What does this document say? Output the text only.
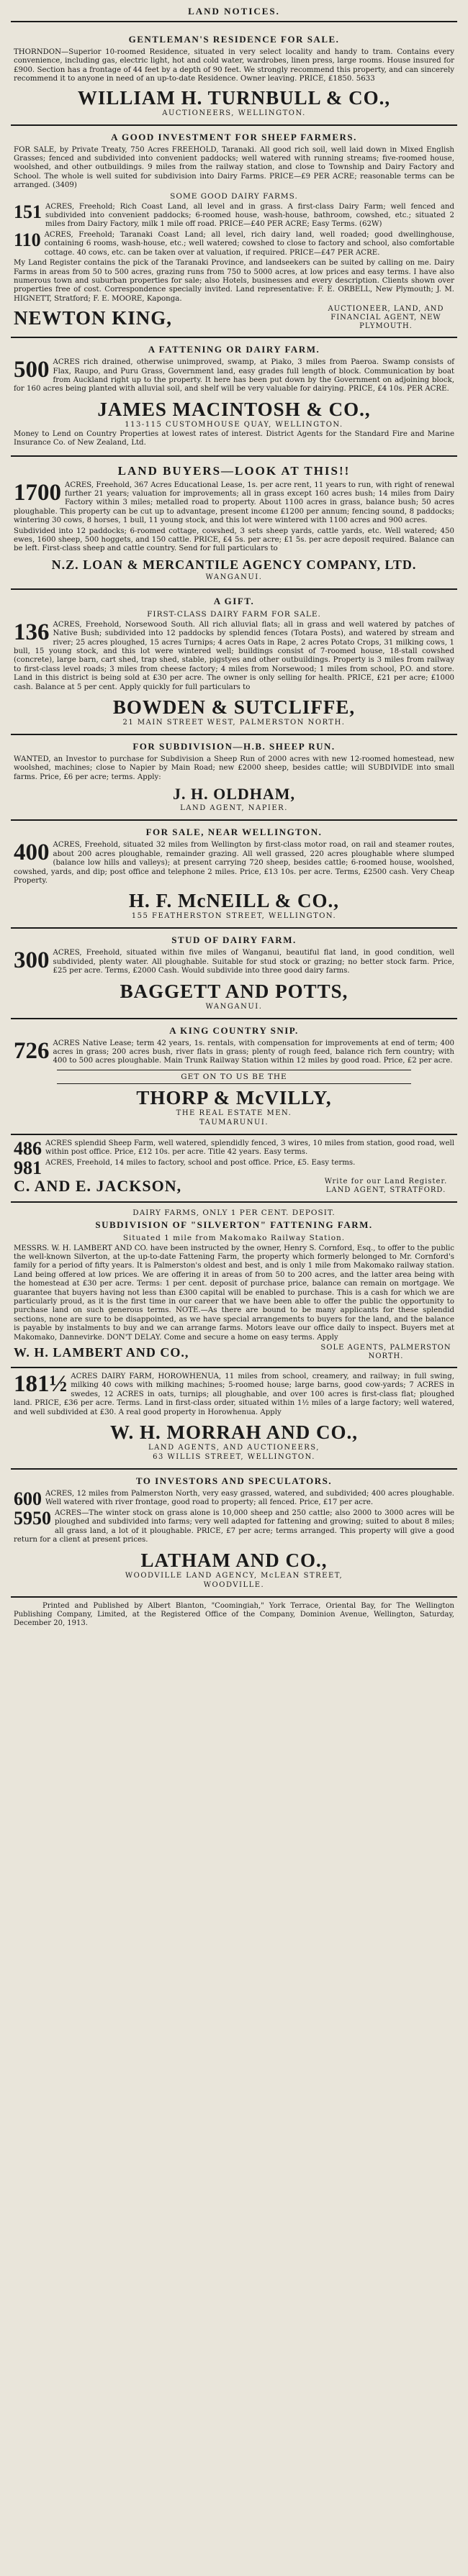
LAND NOTICES.
GENTLEMAN'S RESIDENCE FOR SALE.

THORNDON—Superior 10-roomed Residence, situated in very select locality and handy to tram. Contains every convenience, including gas, electric light, hot and cold water, wardrobes, linen press, large rooms. House insured for £900. Section has a frontage of 44 feet by a depth of 90 feet. We strongly recommend this property, and can sincerely recommend it to anyone in need of an up-to-date Residence. Owner leaving. PRICE, £1850. 5633

WILLIAM H. TURNBULL & CO.,
AUCTIONEERS, WELLINGTON.
A GOOD INVESTMENT FOR SHEEP FARMERS.

FOR SALE, by Private Treaty, 750 Acres FREEHOLD, Taranaki. All good rich soil, well laid down in Mixed English Grasses; fenced and subdivided into convenient paddocks; well watered with running streams; five-roomed house, woolshed, and other outbuildings. 9 miles from the railway station, and close to Township and Dairy Factory and School. The whole is well suited for subdivision into Dairy Farms. PRICE—£9 PER ACRE; reasonable terms can be arranged. (3409)

SOME GOOD DAIRY FARMS.
151 ACRES, Freehold; Rich Coast Land, all level and in grass. A first-class Dairy Farm; well fenced and subdivided into convenient paddocks; 6-roomed house, wash-house, bathroom, cowshed, etc.; situated 2 miles from Dairy Factory, milk 1 mile off road. PRICE—£40 PER ACRE; Easy Terms. (62W)

110 ACRES, Freehold; Taranaki Coast Land; all level, rich dairy land, well roaded; good dwellinghouse, containing 6 rooms, wash-house, etc.; well watered; cowshed to close to factory and school, also comfortable cottage. 40 cows, etc. can be taken over at valuation, if required. PRICE—£47 PER ACRE.

My Land Register contains the pick of the Taranaki Province, and landseekers can be suited by calling on me. Dairy Farms in areas from 50 to 500 acres, grazing runs from 750 to 5000 acres, at low prices and easy terms. I have also numerous town and suburban properties for sale; also Hotels, businesses and every description. Clients shown over properties free of cost. Correspondence specially invited. Land representative: F. E. ORBELL, New Plymouth; J. M. HIGNETT, Stratford; F. E. MOORE, Kaponga.

NEWTON KING,	AUCTIONEER, LAND, AND FINANCIAL AGENT, NEW PLYMOUTH.
A FATTENING OR DAIRY FARM.
500 ACRES rich drained, otherwise unimproved, swamp, at Piako, 3 miles from Paeroa. Swamp consists of Flax, Raupo, and Puru Grass, Government land, easy grades full length of block. Communication by boat from Auckland right up to the property. It here has been put down by the Government on adjoining block, for 160 acres being planted with alluvial soil, and shelf will be very valuable for dairying. PRICE, £4 10s. PER ACRE.

JAMES MACINTOSH & CO.,
113-115 CUSTOMHOUSE QUAY, WELLINGTON.

Money to Lend on Country Properties at lowest rates of interest. District Agents for the Standard Fire and Marine Insurance Co. of New Zealand, Ltd.

LAND BUYERS—LOOK AT THIS!!
1700 ACRES, Freehold, 367 Acres Educational Lease, 1s. per acre rent, 11 years to run, with right of renewal further 21 years; valuation for improvements; all in grass except 160 acres bush; 14 miles from Dairy Factory within 3 miles; metalled road to property. About 1100 acres in grass, balance bush; 50 acres ploughable. This property can be cut up to advantage, present income £1200 per annum; fencing sound, 8 paddocks; wintering 30 cows, 8 horses, 1 bull, 11 young stock, and this lot were wintered with 1100 acres and 900 acres.

Subdivided into 12 paddocks; 6-roomed cottage, cowshed, 3 sets sheep yards, cattle yards, etc. Well watered; 450 ewes, 1600 sheep, 500 hoggets, and 150 cattle. PRICE, £4 5s. per acre; £1 5s. per acre deposit required. Balance can be left. First-class sheep and cattle country. Send for full particulars to

N.Z. LOAN & MERCANTILE AGENCY COMPANY, LTD.
WANGANUI.
A GIFT.
FIRST-CLASS DAIRY FARM FOR SALE.
136 ACRES, Freehold, Norsewood South. All rich alluvial flats; all in grass and well watered by patches of Native Bush; subdivided into 12 paddocks by splendid fences (Totara Posts), and watered by stream and river; 25 acres ploughed, 15 acres Turnips; 4 acres Oats in Rape, 2 acres Potato Crops, 31 milking cows, 1 bull, 15 young stock, and this lot were wintered well; buildings consist of 7-roomed house, 18-stall cowshed (concrete), large barn, cart shed, trap shed, stable, pigstyes and other outbuildings. Property is 3 miles from railway to first-class level roads; 3 miles from cheese factory; 4 miles from Norsewood; 1 miles from school, P.O. and store. Land in this district is being sold at £30 per acre. The owner is only selling for health. PRICE, £21 per acre; £1000 cash. Balance at 5 per cent. Apply quickly for full particulars to

BOWDEN & SUTCLIFFE,
21 MAIN STREET WEST, PALMERSTON NORTH.
FOR SUBDIVISION—H.B. SHEEP RUN.

WANTED, an Investor to purchase for Subdivision a Sheep Run of 2000 acres with new 12-roomed homestead, new woolshed, machines; close to Napier by Main Road; new £2000 sheep, besides cattle; will SUBDIVIDE into small farms. Price, £6 per acre; terms. Apply:

J. H. OLDHAM,
LAND AGENT, NAPIER.
FOR SALE, NEAR WELLINGTON.
400 ACRES, Freehold, situated 32 miles from Wellington by first-class motor road, on rail and steamer routes, about 200 acres ploughable, remainder grazing. All well grassed, 220 acres ploughable where slumped (balance low hills and valleys); at present carrying 720 sheep, besides cattle; 6-roomed house, woolshed, cowshed, yards, and dip; post office and telephone 2 miles. Price, £13 10s. per acre. Terms, £2500 cash. Very Cheap Property.

H. F. McNEILL & CO.,
155 FEATHERSTON STREET, WELLINGTON.
STUD OF DAIRY FARM.
300 ACRES, Freehold, situated within five miles of Wanganui, beautiful flat land, in good condition, well subdivided, plenty water. All ploughable. Suitable for stud stock or grazing; no better stock farm. Price, £25 per acre. Terms, £2000 Cash. Would subdivide into three good dairy farms.

BAGGETT AND POTTS,
WANGANUI.
A KING COUNTRY SNIP.
726 ACRES Native Lease; term 42 years, 1s. rentals, with compensation for improvements at end of term; 400 acres in grass; 200 acres bush, river flats in grass; plenty of rough feed, balance rich fern country; with 400 to 500 acres ploughable. Main Trunk Railway Station within 12 miles by good road. Price, £2 per acre.

GET ON TO US BE THE
THORP & McVILLY,
THE REAL ESTATE MEN.
TAUMARUNUI.
486 ACRES splendid Sheep Farm, well watered, splendidly fenced, 3 wires, 10 miles from station, good road, well within post office. Price, £12 10s. per acre. Title 42 years. Easy terms.

981 ACRES, Freehold, 14 miles to factory, school and post office. Price, £5. Easy terms.

C. AND E. JACKSON,	Write for our Land Register. LAND AGENT, STRATFORD.
DAIRY FARMS, ONLY 1 PER CENT. DEPOSIT.
SUBDIVISION OF "SILVERTON" FATTENING FARM.
Situated 1 mile from Makomako Railway Station.

MESSRS. W. H. LAMBERT AND CO. have been instructed by the owner, Henry S. Cornford, Esq., to offer to the public the well-known Silverton, at the up-to-date Fattening Farm, the property which formerly belonged to Mr. Cornford's family for a period of fifty years. It is Palmerston's oldest and best, and is only 1 mile from Makomako railway station. Land being offered at low prices. We are offering it in areas of from 50 to 200 acres, and the latter area being with the homestead at £30 per acre. Terms: 1 per cent. deposit of purchase price, balance can remain on mortgage. We guarantee that buyers having not less than £300 capital will be enabled to purchase. This is a cash for which we are particularly proud, as it is the first time in our career that we have been able to offer the public the opportunity to purchase land on such generous terms. NOTE.—As there are bound to be many applicants for these splendid sections, none are sure to be disappointed, as we have special arrangements to buyers for the land, and the balance is payable by instalments to buy and we can arrange farms. Motors leave our office daily to inspect. Buyers met at Makomako, Dannevirke. DON'T DELAY. Come and secure a home on easy terms. Apply

W. H. LAMBERT AND CO.,	SOLE AGENTS, PALMERSTON NORTH.
181½ ACRES DAIRY FARM, HOROWHENUA, 11 miles from school, creamery, and railway; in full swing, milking 40 cows with milking machines; 5-roomed house; large barns, good cow-yards; 7 ACRES in swedes, 12 ACRES in oats, turnips; all ploughable, and over 100 acres is first-class flat; ploughed land. PRICE, £36 per acre. Terms. Land in first-class order, situated within 1½ miles of a large factory; well watered, and well subdivided at £30. A real good property in Horowhenua. Apply

W. H. MORRAH AND CO.,
LAND AGENTS, AND AUCTIONEERS,
63 WILLIS STREET, WELLINGTON.
TO INVESTORS AND SPECULATORS.
600 ACRES, 12 miles from Palmerston North, very easy grassed, watered, and subdivided; 400 acres ploughable. Well watered with river frontage, good road to property; all fenced. Price, £17 per acre.

5950 ACRES—The winter stock on grass alone is 10,000 sheep and 250 cattle; also 2000 to 3000 acres will be ploughed and subdivided into farms; very well adapted for fattening and growing; suited to about 8 miles; all grass land, a lot of it ploughable. PRICE, £7 per acre; terms arranged. This property will give a good return for a client at present prices.

LATHAM AND CO.,
WOODVILLE LAND AGENCY, McLEAN STREET,
WOODVILLE.

Printed and Published by Albert Blanton, "Coomingiah," York Terrace, Oriental Bay, for The Wellington Publishing Company, Limited, at the Registered Office of the Company, Dominion Avenue, Wellington, Saturday, December 20, 1913.
